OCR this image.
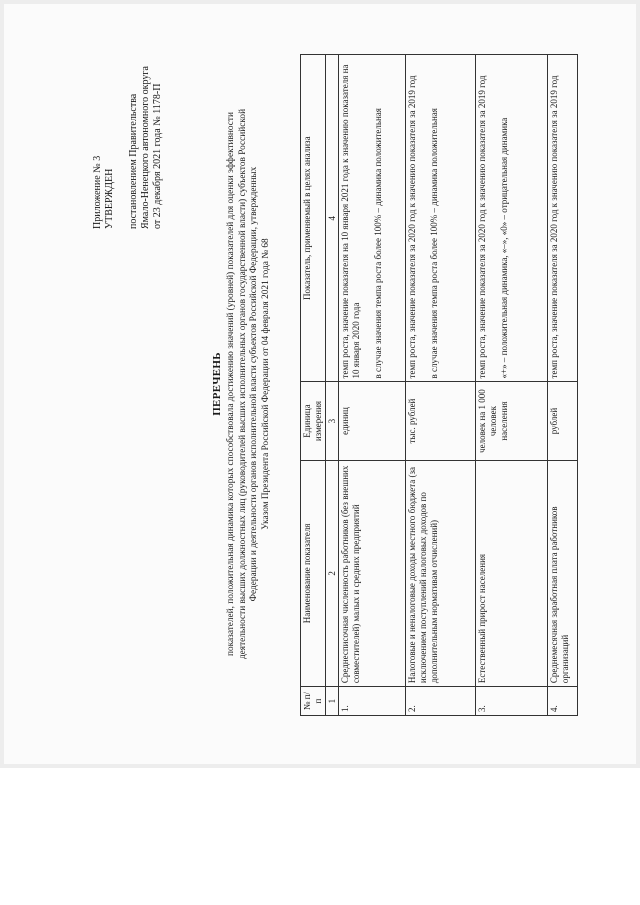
Приложение № 3 УТВЕРЖДЕН постановлением Правительства Ямало-Ненецкого автономного округа от 23 декабря 2021 года № 1178-П
ПЕРЕЧЕНЬ показателей, положительная динамика которых способствовала достижению значений (уровней) показателей для оценки эффективности деятельности высших должностных лиц (руководителей высших исполнительных органов государственной власти) субъектов Российской Федерации и деятельности органов исполнительной власти субъектов Российской Федерации, утвержденных Указом Президента Российской Федерации от 04 февраля 2021 года № 68
№ п/п	Наименование показателя	Единица измерения	Показатель, применяемый в целях анализа
1	2	3	4
1.	Среднесписочная численность работников (без внешних совместителей) малых и средних предприятий	единиц	темп роста, значение показателя на 10 января 2021 года к значению показателя на 10 января 2020 года в случае значения темпа роста более 100% – динамика положительная

2.	Налоговые и неналоговые доходы местного бюджета (за исключением поступлений налоговых доходов по дополнительным нормативам отчислений)	тыс. рублей	темп роста, значение показателя за 2020 год к значению показателя за 2019 год в случае значения темпа роста более 100% – динамика положительная

3.	Естественный прирост населения	человек на 1 000 человек населения	темп роста, значение показателя за 2020 год к значению показателя за 2019 год «+» – положительная динамика, «–», «0» – отрицательная динамика

4.	Среднемесячная заработная плата работников организаций	рублей	темп роста, значение показателя за 2020 год к значению показателя за 2019 год
